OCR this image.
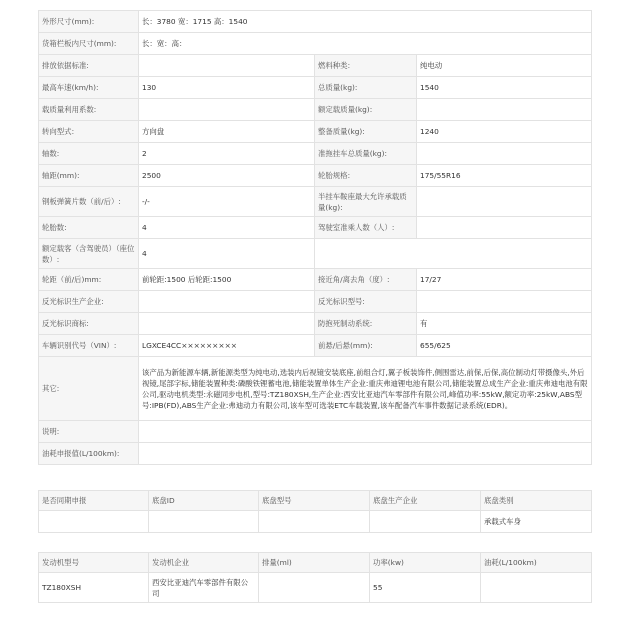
外形尺寸(mm):	长：3780 宽：1715 高：1540		
货箱栏板内尺寸(mm):	长：宽：高：		
排放依据标准:		燃料种类:	纯电动
最高车速(km/h):	130	总质量(kg):	1540
载质量利用系数:		额定载质量(kg):	
转向型式:	方向盘	整备质量(kg):	1240
轴数:	2	准拖挂车总质量(kg):	
轴距(mm):	2500	轮胎规格:	175/55R16
钢板弹簧片数（前/后）:	-/-	半挂车鞍座最大允许承载质量(kg):	
轮胎数:	4	驾驶室准乘人数（人）:	
额定载客（含驾驶员）（座位数）:	4		
轮距（前/后)mm:	前轮距:1500 后轮距:1500	接近角/离去角（度）:	17/27
反光标识生产企业:		反光标识型号:	
反光标识商标:		防抱死制动系统:	有
车辆识别代号（VIN）:	LGXCE4CC×××××××××	前悬/后悬(mm):	655/625
其它:	该产品为新能源车辆,新能源类型为纯电动,选装内后视镜安装底座,前组合灯,翼子板装饰件,侧围雷达,前保,后保,高位制动灯带摄像头,外后视镜,尾部字标,储能装置种类:磷酸铁锂蓄电池,储能装置单体生产企业:重庆弗迪锂电池有限公司,储能装置总成生产企业:重庆弗迪电池有限公司,驱动电机类型:永磁同步电机,型号:TZ180XSH,生产企业:西安比亚迪汽车零部件有限公司,峰值功率:55kW,额定功率:25kW,ABS型号:IPB(FD),ABS生产企业:弗迪动力有限公司,该车型可选装ETC车载装置,该车配备汽车事件数据记录系统(EDR)。		
说明:			
油耗申报值(L/100km):			
是否同期申报	底盘ID	底盘型号	底盘生产企业	底盘类别
				承载式车身
发动机型号	发动机企业	排量(ml)	功率(kw)	油耗(L/100km)
TZ180XSH	西安比亚迪汽车零部件有限公司		55	
